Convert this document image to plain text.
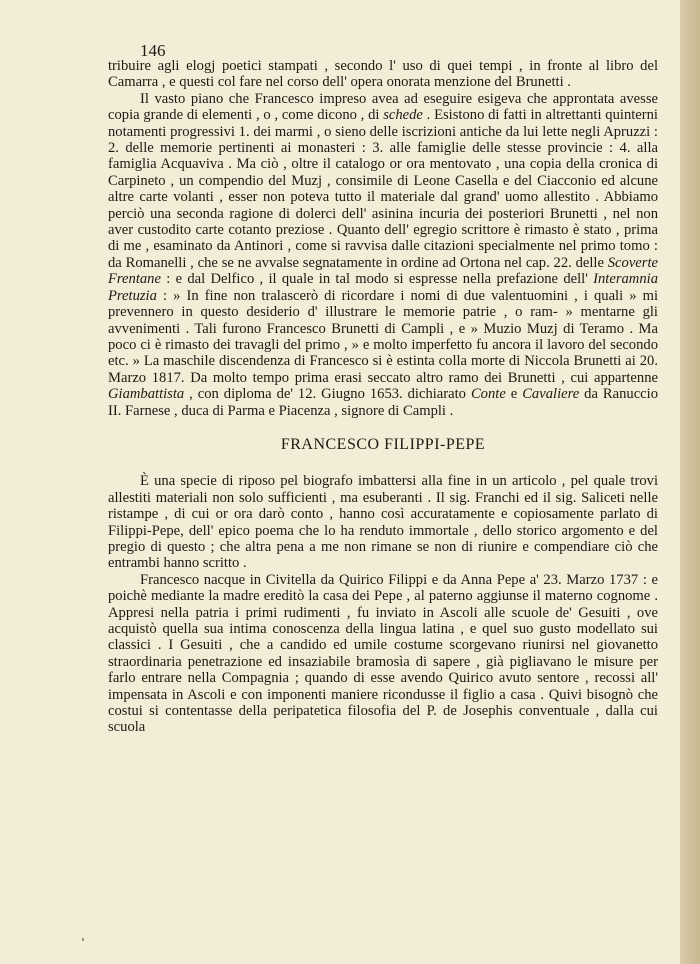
146

tribuire agli elogj poetici stampati , secondo l' uso di quei tempi , in fronte al libro del Camarra , e questi col fare nel corso dell' opera onorata menzione del Brunetti .

Il vasto piano che Francesco impreso avea ad eseguire esigeva che approntata avesse copia grande di elementi , o , come dicono , di schede . Esistono di fatti in altrettanti quinterni notamenti progressivi 1. dei marmi , o sieno delle iscrizioni antiche da lui lette negli Apruzzi : 2. delle memorie pertinenti ai monasteri : 3. alle famiglie delle stesse provincie : 4. alla famiglia Acquaviva . Ma ciò , oltre il catalogo or ora mentovato , una copia della cronica di Carpineto , un compendio del Muzj , consimile di Leone Casella e del Ciacconio ed alcune altre carte volanti , esser non poteva tutto il materiale dal grand' uomo allestito . Abbiamo perciò una seconda ragione di dolerci dell' asinina incuria dei posteriori Brunetti , nel non aver custodito carte cotanto preziose . Quanto dell' egregio scrittore è rimasto è stato , prima di me , esaminato da Antinori , come si ravvisa dalle citazioni specialmente nel primo tomo : da Romanelli , che se ne avvalse segnatamente in ordine ad Ortona nel cap. 22. delle Scoverte Frentane : e dal Delfico , il quale in tal modo si espresse nella prefazione dell' Interamnia Pretuzia : » In fine non tralascerò di ricordare i nomi di due valentuomini , i quali » mi prevennero in questo desiderio d' illustrare le memorie patrie , o ram- » mentarne gli avvenimenti . Tali furono Francesco Brunetti di Campli , e » Muzio Muzj di Teramo . Ma poco ci è rimasto dei travagli del primo , » e molto imperfetto fu ancora il lavoro del secondo etc. » La maschile discendenza di Francesco si è estinta colla morte di Niccola Brunetti ai 20. Marzo 1817. Da molto tempo prima erasi seccato altro ramo dei Brunetti , cui appartenne Giambattista , con diploma de' 12. Giugno 1653. dichiarato Conte e Cavaliere da Ranuccio II. Farnese , duca di Parma e Piacenza , signore di Campli .

FRANCESCO FILIPPI-PEPE

È una specie di riposo pel biografo imbattersi alla fine in un articolo , pel quale trovi allestiti materiali non solo sufficienti , ma esuberanti . Il sig. Franchi ed il sig. Saliceti nelle ristampe , di cui or ora darò conto , hanno così accuratamente e copiosamente parlato di Filippi-Pepe, dell' epico poema che lo ha renduto immortale , dello storico argomento e del pregio di questo ; che altra pena a me non rimane se non di riunire e compendiare ciò che entrambi hanno scritto .

Francesco nacque in Civitella da Quirico Filippi e da Anna Pepe a' 23. Marzo 1737 : e poichè mediante la madre ereditò la casa dei Pepe , al paterno aggiunse il materno cognome . Appresi nella patria i primi rudimenti , fu inviato in Ascoli alle scuole de' Gesuiti , ove acquistò quella sua intima conoscenza della lingua latina , e quel suo gusto modellato sui classici . I Gesuiti , che a candido ed umile costume scorgevano riunirsi nel giovanetto straordinaria penetrazione ed insaziabile bramosìa di sapere , già pigliavano le misure per farlo entrare nella Compagnia ; quando di esse avendo Quirico avuto sentore , recossi all' impensata in Ascoli e con imponenti maniere ricondusse il figlio a casa . Quivi bisognò che costui si contentasse della peripatetica filosofia del P. de Josephis conventuale , dalla cui scuola
